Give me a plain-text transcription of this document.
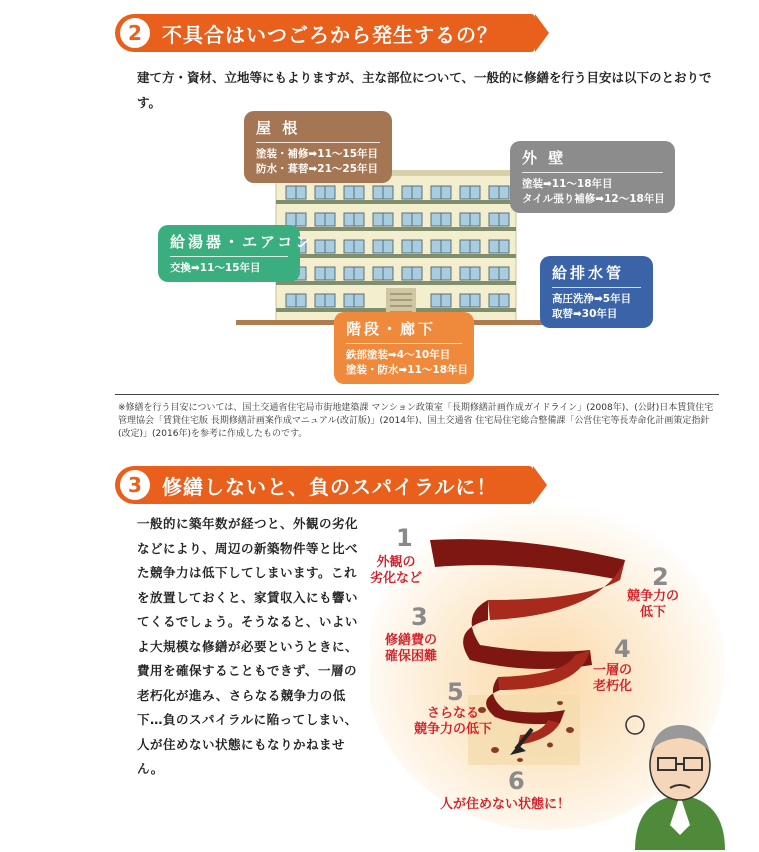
2	不具合はいつごろから発生するの？
建て方・資材、立地等にもよりますが、主な部位について、一般的に修繕を行う目安は以下のとおりです。
屋 根
塗装・補修➡11〜15年目
防水・葺替➡21〜25年目
外 壁
塗装➡11〜18年目
タイル張り補修➡12〜18年目
給湯器・エアコン
交換➡11〜15年目	給排水管
高圧洗浄➡5年目
取替➡30年目
階段・廊下
鉄部塗装➡4〜10年目
塗装・防水➡11〜18年目
※修繕を行う目安については、国土交通省住宅局市街地建築課 マンション政策室「長期修繕計画作成ガイドライン」(2008年)、(公財)日本賃貸住宅管理協会「賃貸住宅版 長期修繕計画案作成マニュアル(改訂版)」(2014年)、国土交通省 住宅局住宅総合整備課「公営住宅等長寿命化計画策定指針(改定)」(2016年)を参考に作成したものです。
3	修繕しないと、負のスパイラルに！
一般的に築年数が経つと、外観の劣化などにより、周辺の新築物件等と比べた競争力は低下してしまいます。これを放置しておくと、家賃収入にも響いてくるでしょう。そうなると、いよいよ大規模な修繕が必要というときに、費用を確保することもできず、一層の老朽化が進み、さらなる競争力の低下…負のスパイラルに陥ってしまい、人が住めない状態にもなりかねません。
1
外観の
劣化など	2
競争力の
低下
3
修繕費の
確保困難	4
一層の
老朽化
5
さらなる
競争力の低下
6
人が住めない状態に！
